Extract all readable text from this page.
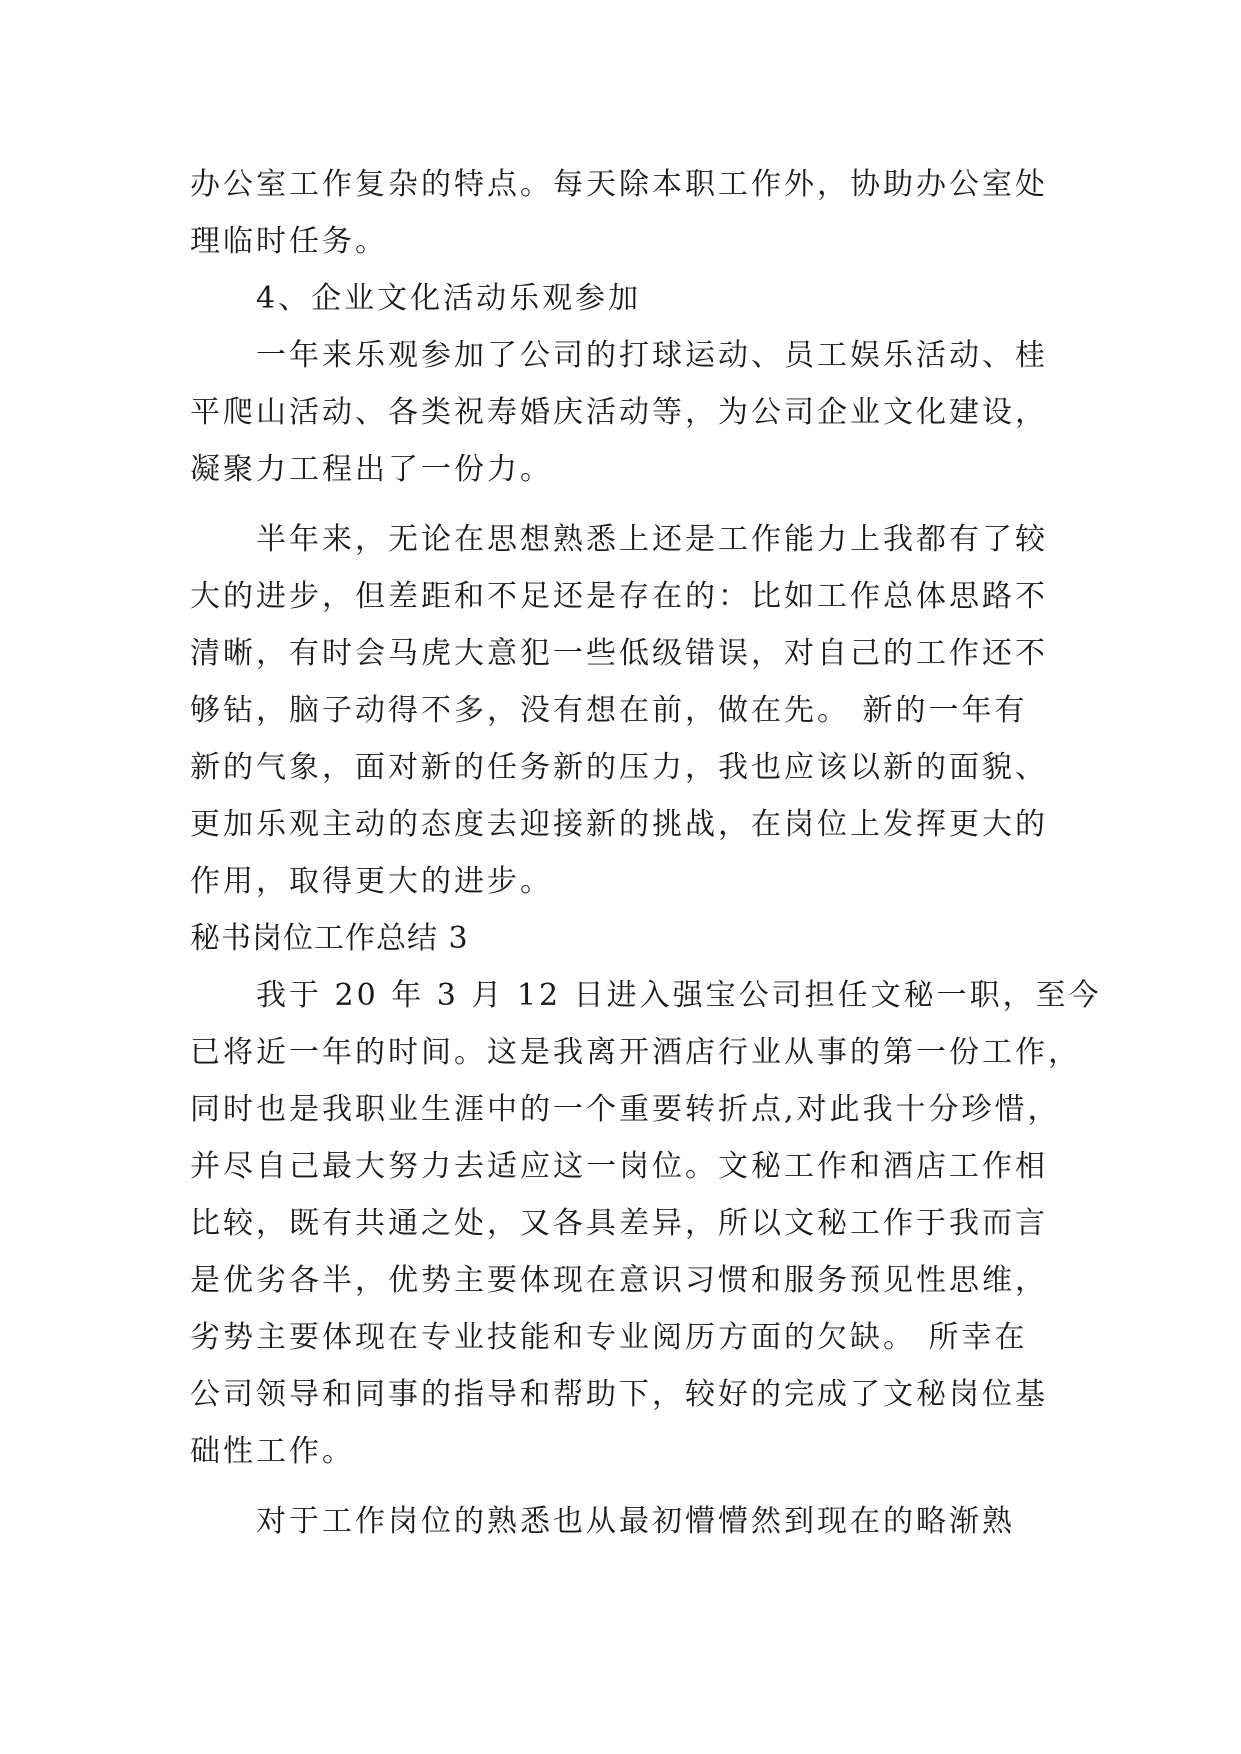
办公室工作复杂的特点。每天除本职工作外，协助办公室处
理临时任务。
4、企业文化活动乐观参加
一年来乐观参加了公司的打球运动、员工娱乐活动、桂
平爬山活动、各类祝寿婚庆活动等，为公司企业文化建设，
凝聚力工程出了一份力。
半年来，无论在思想熟悉上还是工作能力上我都有了较
大的进步，但差距和不足还是存在的：比如工作总体思路不
清晰，有时会马虎大意犯一些低级错误，对自己的工作还不
够钻，脑子动得不多，没有想在前，做在先。 新的一年有
新的气象，面对新的任务新的压力，我也应该以新的面貌、
更加乐观主动的态度去迎接新的挑战，在岗位上发挥更大的
作用，取得更大的进步。
秘书岗位工作总结 3
我于 20 年 3 月 12 日进入强宝公司担任文秘一职，至今
已将近一年的时间。这是我离开酒店行业从事的第一份工作，
同时也是我职业生涯中的一个重要转折点,对此我十分珍惜，
并尽自己最大努力去适应这一岗位。文秘工作和酒店工作相
比较，既有共通之处，又各具差异，所以文秘工作于我而言
是优劣各半，优势主要体现在意识习惯和服务预见性思维，
劣势主要体现在专业技能和专业阅历方面的欠缺。 所幸在
公司领导和同事的指导和帮助下，较好的完成了文秘岗位基
础性工作。
对于工作岗位的熟悉也从最初懵懵然到现在的略渐熟
